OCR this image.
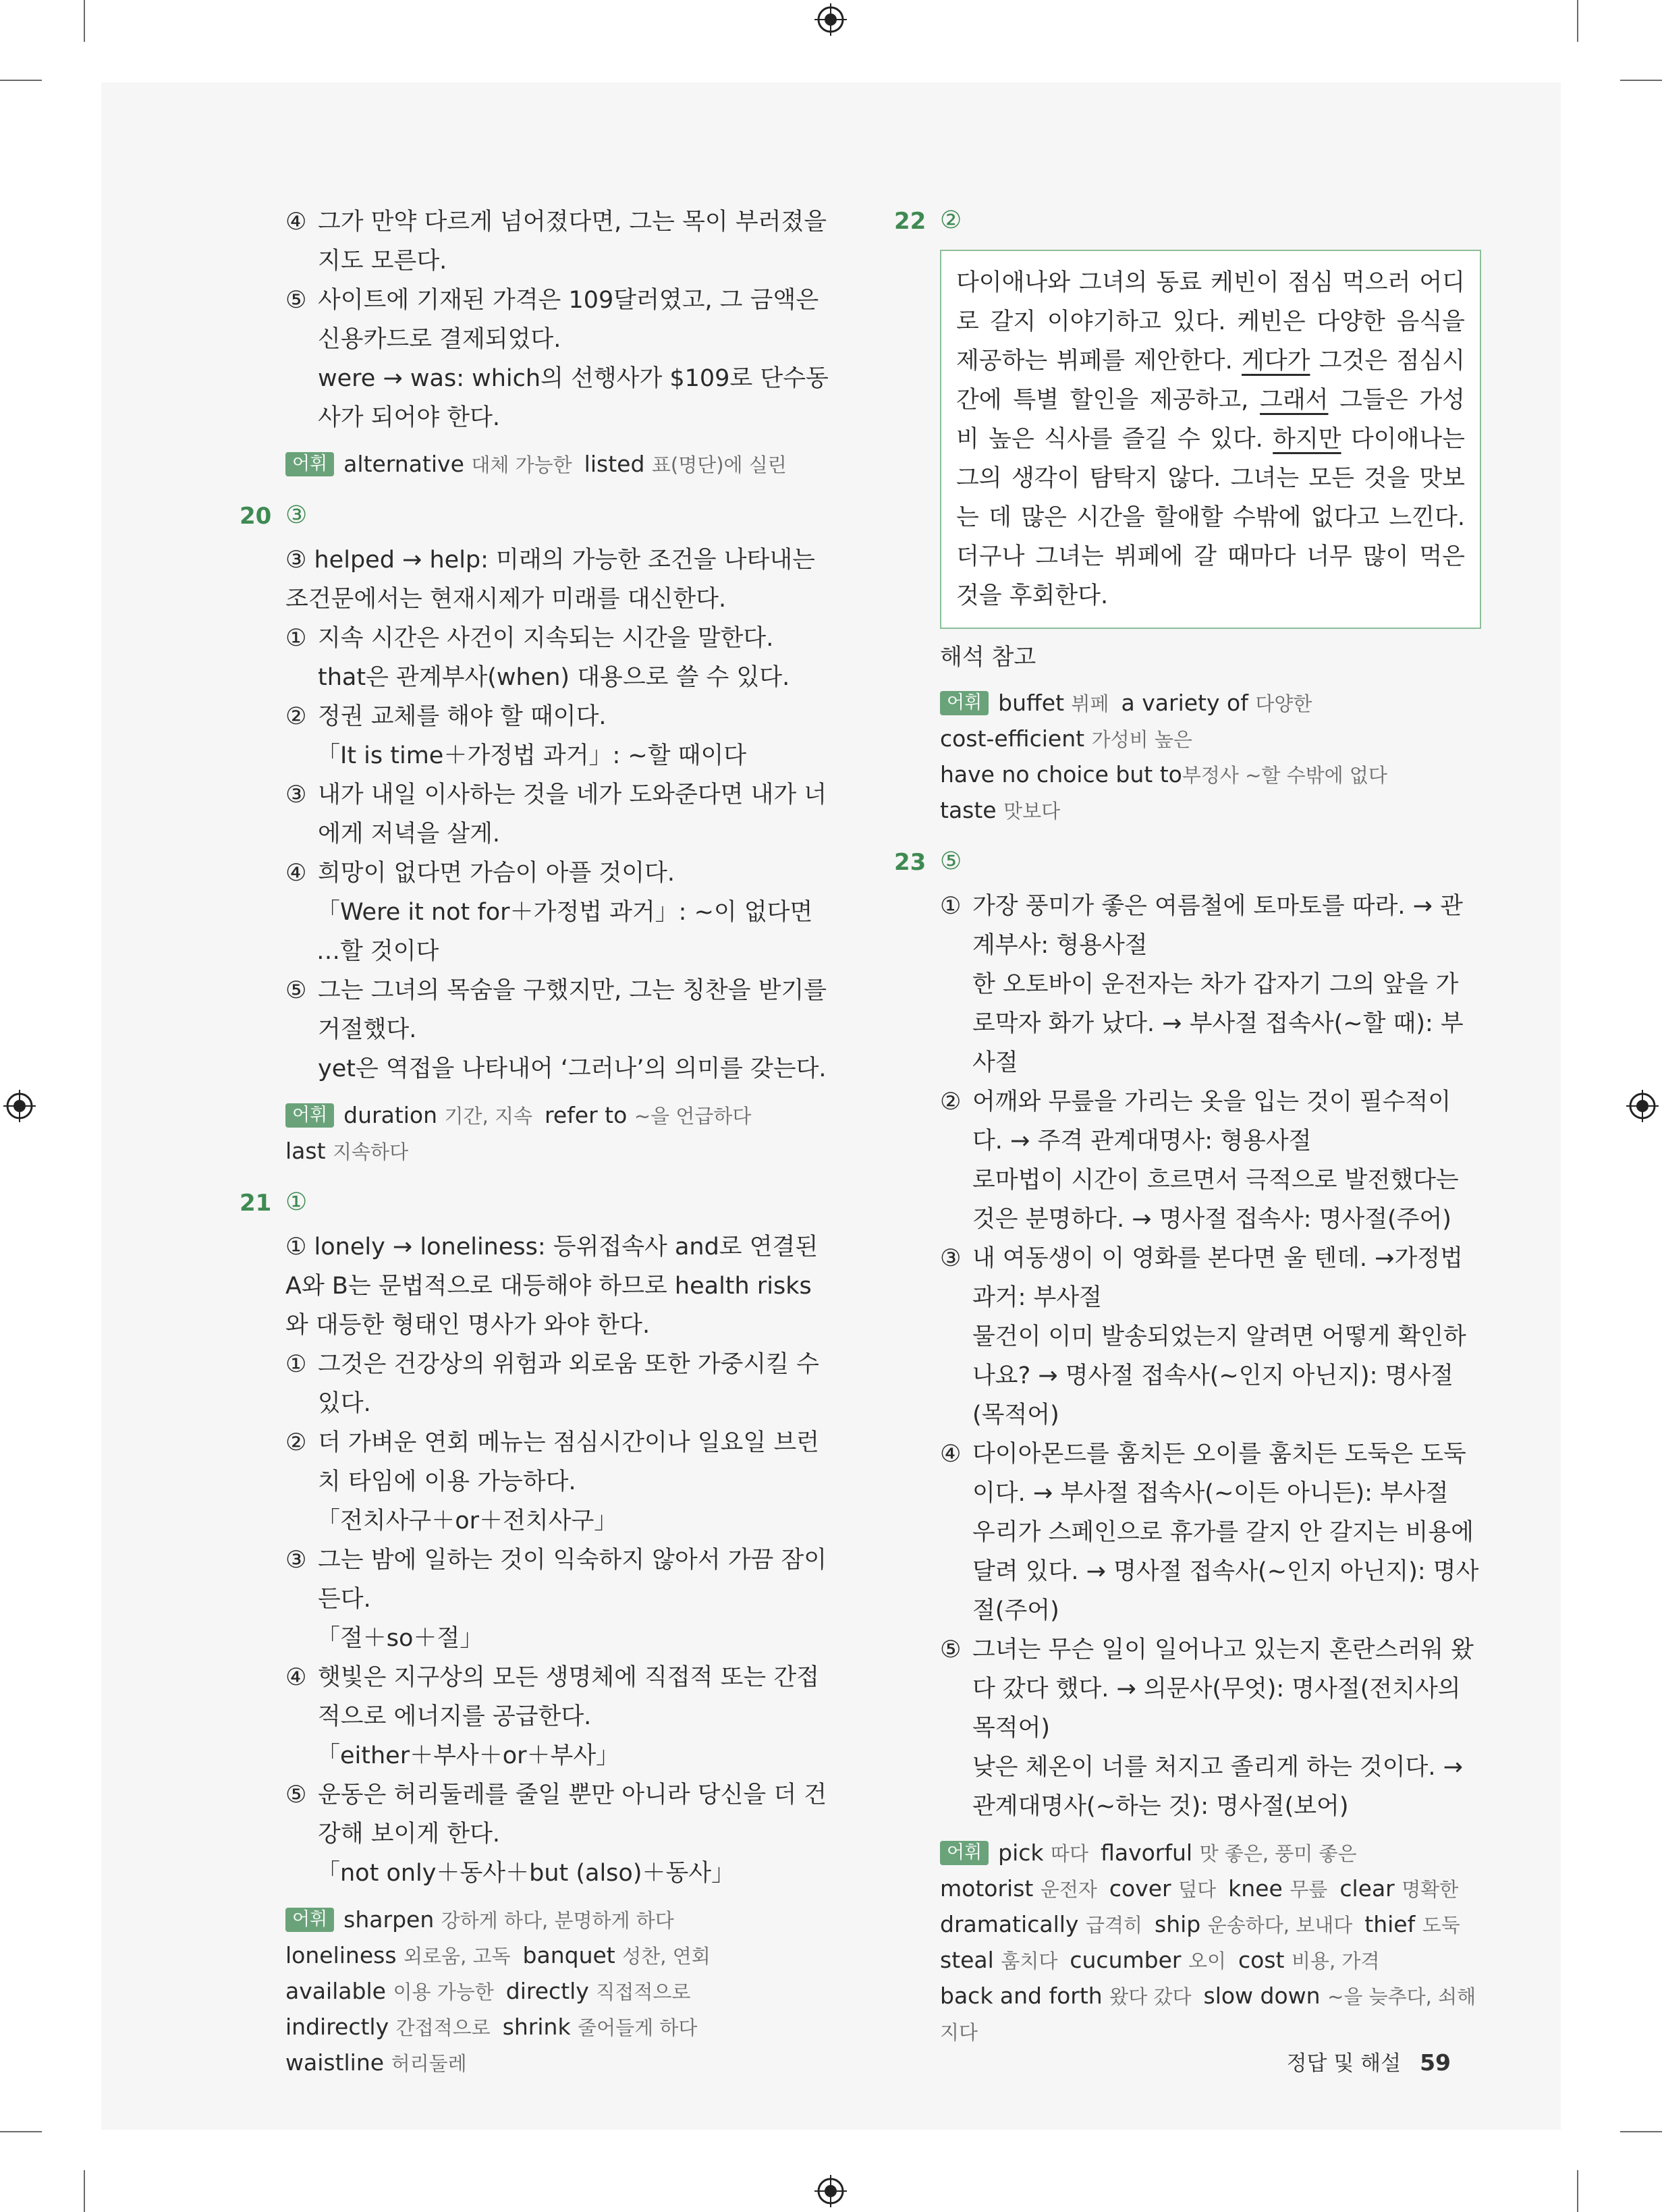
④ 그가 만약 다르게 넘어졌다면, 그는 목이 부러졌을지도 모른다.
⑤ 사이트에 기재된 가격은 109달러였고, 그 금액은 신용카드로 결제되었다.
were → was: which의 선행사가 $109로 단수동사가 되어야 한다.
어휘 alternative 대체 가능한 listed 표(명단)에 실린
20 ③

③ helped → help: 미래의 가능한 조건을 나타내는 조건문에서는 현재시제가 미래를 대신한다.

① 지속 시간은 사건이 지속되는 시간을 말한다.
that은 관계부사(when) 대용으로 쓸 수 있다.
② 정권 교체를 해야 할 때이다.
「It is time＋가정법 과거」: ~할 때이다
③ 내가 내일 이사하는 것을 네가 도와준다면 내가 너에게 저녁을 살게.
④ 희망이 없다면 가슴이 아플 것이다.
「Were it not for＋가정법 과거」: ~이 없다면 …할 것이다
⑤ 그는 그녀의 목숨을 구했지만, 그는 칭찬을 받기를 거절했다.
yet은 역접을 나타내어 ‘그러나’의 의미를 갖는다.
어휘 duration 기간, 지속 refer to ~을 언급하다
last 지속하다
21 ①

① lonely → loneliness: 등위접속사 and로 연결된 A와 B는 문법적으로 대등해야 하므로 health risks와 대등한 형태인 명사가 와야 한다.

① 그것은 건강상의 위험과 외로움 또한 가중시킬 수 있다.
② 더 가벼운 연회 메뉴는 점심시간이나 일요일 브런치 타임에 이용 가능하다.
「전치사구＋or＋전치사구」
③ 그는 밤에 일하는 것이 익숙하지 않아서 가끔 잠이 든다.
「절＋so＋절」
④ 햇빛은 지구상의 모든 생명체에 직접적 또는 간접적으로 에너지를 공급한다.
「either＋부사＋or＋부사」
⑤ 운동은 허리둘레를 줄일 뿐만 아니라 당신을 더 건강해 보이게 한다.
「not only＋동사＋but (also)＋동사」
어휘 sharpen 강하게 하다, 분명하게 하다
loneliness 외로움, 고독 banquet 성찬, 연회
available 이용 가능한 directly 직접적으로
indirectly 간접적으로 shrink 줄어들게 하다
waistline 허리둘레
22 ②

다이애나와 그녀의 동료 케빈이 점심 먹으러 어디로 갈지 이야기하고 있다. 케빈은 다양한 음식을 제공하는 뷔페를 제안한다. 게다가 그것은 점심시간에 특별 할인을 제공하고, 그래서 그들은 가성비 높은 식사를 즐길 수 있다. 하지만 다이애나는 그의 생각이 탐탁지 않다. 그녀는 모든 것을 맛보는 데 많은 시간을 할애할 수밖에 없다고 느낀다. 더구나 그녀는 뷔페에 갈 때마다 너무 많이 먹은 것을 후회한다.

해석 참고
어휘 buffet 뷔페 a variety of 다양한
cost-efficient 가성비 높은
have no choice but to부정사 ~할 수밖에 없다
taste 맛보다
23 ⑤
① 가장 풍미가 좋은 여름철에 토마토를 따라. → 관계부사: 형용사절
한 오토바이 운전자는 차가 갑자기 그의 앞을 가로막자 화가 났다. → 부사절 접속사(~할 때): 부사절
② 어깨와 무릎을 가리는 옷을 입는 것이 필수적이다. → 주격 관계대명사: 형용사절
로마법이 시간이 흐르면서 극적으로 발전했다는 것은 분명하다. → 명사절 접속사: 명사절(주어)
③ 내 여동생이 이 영화를 본다면 울 텐데. →가정법 과거: 부사절
물건이 이미 발송되었는지 알려면 어떻게 확인하나요? → 명사절 접속사(~인지 아닌지): 명사절(목적어)
④ 다이아몬드를 훔치든 오이를 훔치든 도둑은 도둑이다. → 부사절 접속사(~이든 아니든): 부사절
우리가 스페인으로 휴가를 갈지 안 갈지는 비용에 달려 있다. → 명사절 접속사(~인지 아닌지): 명사절(주어)
⑤ 그녀는 무슨 일이 일어나고 있는지 혼란스러워 왔다 갔다 했다. → 의문사(무엇): 명사절(전치사의 목적어)
낮은 체온이 너를 처지고 졸리게 하는 것이다. → 관계대명사(~하는 것): 명사절(보어)
어휘 pick 따다 flavorful 맛 좋은, 풍미 좋은
motorist 운전자 cover 덮다 knee 무릎 clear 명확한
dramatically 급격히 ship 운송하다, 보내다 thief 도둑
steal 훔치다 cucumber 오이 cost 비용, 가격
back and forth 왔다 갔다 slow down ~을 늦추다, 쇠해지다
정답 및 해설 59
